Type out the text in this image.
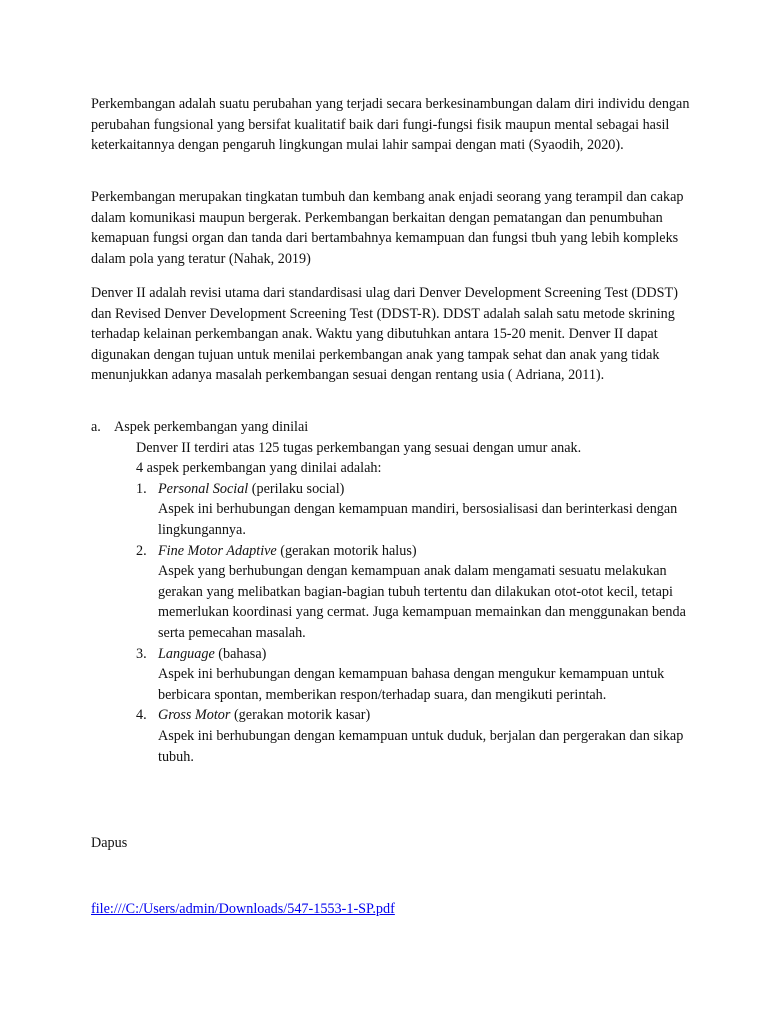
Perkembangan adalah suatu perubahan yang terjadi secara berkesinambungan dalam diri individu dengan perubahan fungsional yang bersifat kualitatif baik dari fungi-fungsi fisik maupun mental sebagai hasil keterkaitannya dengan pengaruh lingkungan mulai lahir sampai dengan mati (Syaodih, 2020).

Perkembangan merupakan tingkatan tumbuh dan kembang anak enjadi seorang yang terampil dan cakap dalam komunikasi maupun bergerak. Perkembangan berkaitan dengan pematangan dan penumbuhan kemapuan fungsi organ dan tanda dari bertambahnya kemampuan dan fungsi tbuh yang lebih kompleks dalam pola yang teratur (Nahak, 2019)

Denver II adalah revisi utama dari standardisasi ulag dari Denver Development Screening Test (DDST) dan Revised Denver Development Screening Test (DDST-R). DDST adalah salah satu metode skrining terhadap kelainan perkembangan anak. Waktu yang dibutuhkan antara 15-20 menit. Denver II dapat digunakan dengan tujuan untuk menilai perkembangan anak yang tampak sehat dan anak yang tidak menunjukkan adanya masalah perkembangan sesuai dengan rentang usia ( Adriana, 2011).

a. Aspek perkembangan yang dinilai
Denver II terdiri atas 125 tugas perkembangan yang sesuai dengan umur anak.
4 aspek perkembangan yang dinilai adalah:
1. Personal Social (perilaku social)
Aspek ini berhubungan dengan kemampuan mandiri, bersosialisasi dan berinterkasi dengan lingkungannya.
2. Fine Motor Adaptive (gerakan motorik halus)
Aspek yang berhubungan dengan kemampuan anak dalam mengamati sesuatu melakukan gerakan yang melibatkan bagian-bagian tubuh tertentu dan dilakukan otot-otot kecil, tetapi memerlukan koordinasi yang cermat. Juga kemampuan memainkan dan menggunakan benda serta pemecahan masalah.
3. Language (bahasa)
Aspek ini berhubungan dengan kemampuan bahasa dengan mengukur kemampuan untuk berbicara spontan, memberikan respon/terhadap suara, dan mengikuti perintah.
4. Gross Motor (gerakan motorik kasar)
Aspek ini berhubungan dengan kemampuan untuk duduk, berjalan dan pergerakan dan sikap tubuh.
Dapus
file:///C:/Users/admin/Downloads/547-1553-1-SP.pdf
